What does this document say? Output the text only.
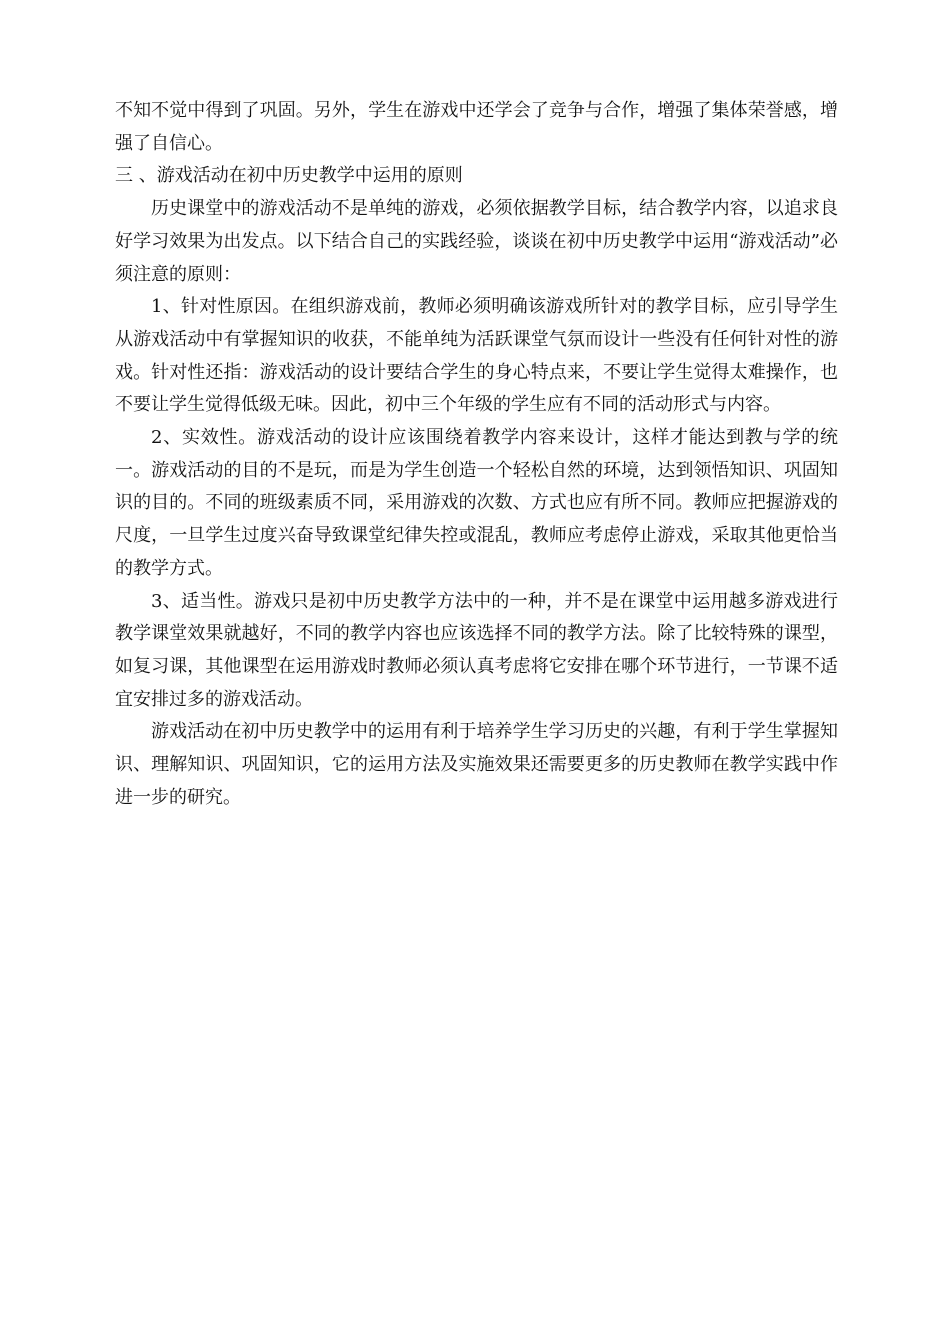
不知不觉中得到了巩固。另外，学生在游戏中还学会了竞争与合作，增强了集体荣誉感，增强了自信心。

三 、游戏活动在初中历史教学中运用的原则

历史课堂中的游戏活动不是单纯的游戏，必须依据教学目标，结合教学内容，以追求良好学习效果为出发点。以下结合自己的实践经验，谈谈在初中历史教学中运用“游戏活动”必须注意的原则：

1、针对性原因。在组织游戏前，教师必须明确该游戏所针对的教学目标，应引导学生从游戏活动中有掌握知识的收获，不能单纯为活跃课堂气氛而设计一些没有任何针对性的游戏。针对性还指：游戏活动的设计要结合学生的身心特点来，不要让学生觉得太难操作，也不要让学生觉得低级无味。因此，初中三个年级的学生应有不同的活动形式与内容。

2、实效性。游戏活动的设计应该围绕着教学内容来设计，这样才能达到教与学的统一。游戏活动的目的不是玩，而是为学生创造一个轻松自然的环境，达到领悟知识、巩固知识的目的。不同的班级素质不同，采用游戏的次数、方式也应有所不同。教师应把握游戏的尺度，一旦学生过度兴奋导致课堂纪律失控或混乱，教师应考虑停止游戏，采取其他更恰当的教学方式。

3、适当性。游戏只是初中历史教学方法中的一种，并不是在课堂中运用越多游戏进行教学课堂效果就越好，不同的教学内容也应该选择不同的教学方法。除了比较特殊的课型，如复习课，其他课型在运用游戏时教师必须认真考虑将它安排在哪个环节进行，一节课不适宜安排过多的游戏活动。

游戏活动在初中历史教学中的运用有利于培养学生学习历史的兴趣，有利于学生掌握知识、理解知识、巩固知识，它的运用方法及实施效果还需要更多的历史教师在教学实践中作进一步的研究。
